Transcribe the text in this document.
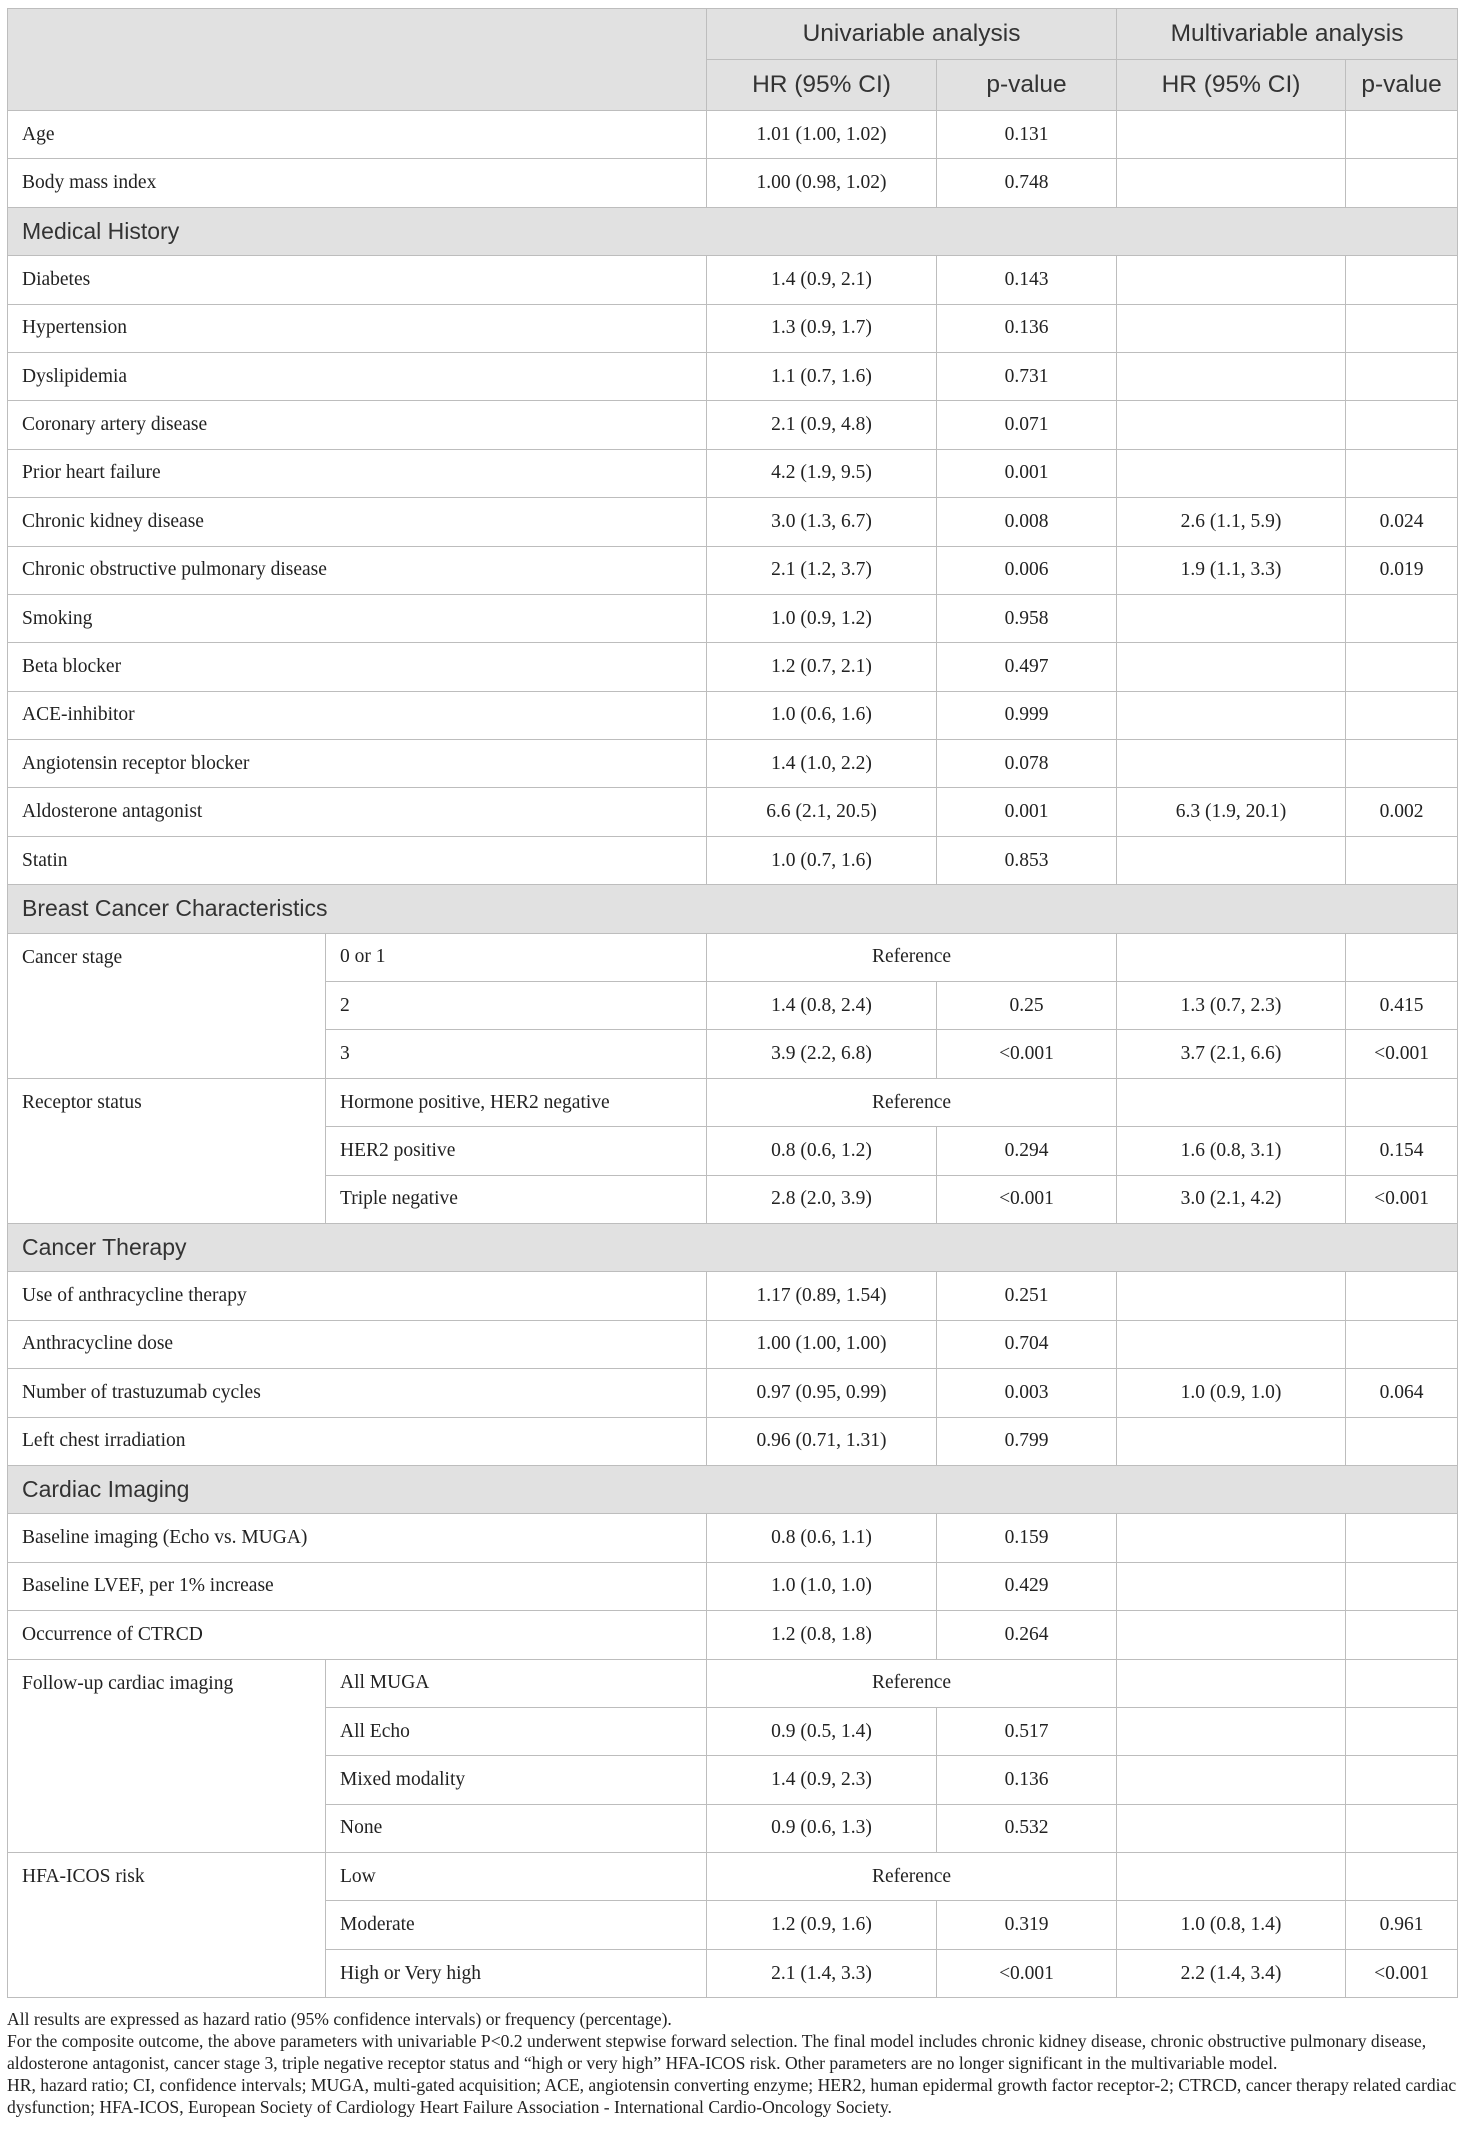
		Univariable analysis		Multivariable analysis	
		HR (95% CI)	p-value	HR (95% CI)	p-value
Age		1.01 (1.00, 1.02)	0.131		
Body mass index		1.00 (0.98, 1.02)	0.748		
Medical History					
Diabetes		1.4 (0.9, 2.1)	0.143		
Hypertension		1.3 (0.9, 1.7)	0.136		
Dyslipidemia		1.1 (0.7, 1.6)	0.731		
Coronary artery disease		2.1 (0.9, 4.8)	0.071		
Prior heart failure		4.2 (1.9, 9.5)	0.001		
Chronic kidney disease		3.0 (1.3, 6.7)	0.008	2.6 (1.1, 5.9)	0.024
Chronic obstructive pulmonary disease		2.1 (1.2, 3.7)	0.006	1.9 (1.1, 3.3)	0.019
Smoking		1.0 (0.9, 1.2)	0.958		
Beta blocker		1.2 (0.7, 2.1)	0.497		
ACE-inhibitor		1.0 (0.6, 1.6)	0.999		
Angiotensin receptor blocker		1.4 (1.0, 2.2)	0.078		
Aldosterone antagonist		6.6 (2.1, 20.5)	0.001	6.3 (1.9, 20.1)	0.002
Statin		1.0 (0.7, 1.6)	0.853		
Breast Cancer Characteristics					
Cancer stage	0 or 1	Reference			
	2	1.4 (0.8, 2.4)	0.25	1.3 (0.7, 2.3)	0.415
	3	3.9 (2.2, 6.8)	<0.001	3.7 (2.1, 6.6)	<0.001
Receptor status	Hormone positive, HER2 negative	Reference			
	HER2 positive	0.8 (0.6, 1.2)	0.294	1.6 (0.8, 3.1)	0.154
	Triple negative	2.8 (2.0, 3.9)	<0.001	3.0 (2.1, 4.2)	<0.001
Cancer Therapy					
Use of anthracycline therapy		1.17 (0.89, 1.54)	0.251		
Anthracycline dose		1.00 (1.00, 1.00)	0.704		
Number of trastuzumab cycles		0.97 (0.95, 0.99)	0.003	1.0 (0.9, 1.0)	0.064
Left chest irradiation		0.96 (0.71, 1.31)	0.799		
Cardiac Imaging					
Baseline imaging (Echo vs. MUGA)		0.8 (0.6, 1.1)	0.159		
Baseline LVEF, per 1% increase		1.0 (1.0, 1.0)	0.429		
Occurrence of CTRCD		1.2 (0.8, 1.8)	0.264		
Follow-up cardiac imaging	All MUGA	Reference			
	All Echo	0.9 (0.5, 1.4)	0.517		
	Mixed modality	1.4 (0.9, 2.3)	0.136		
	None	0.9 (0.6, 1.3)	0.532		
HFA-ICOS risk	Low	Reference			
	Moderate	1.2 (0.9, 1.6)	0.319	1.0 (0.8, 1.4)	0.961
	High or Very high	2.1 (1.4, 3.3)	<0.001	2.2 (1.4, 3.4)	<0.001
All results are expressed as hazard ratio (95% confidence intervals) or frequency (percentage).
For the composite outcome, the above parameters with univariable P<0.2 underwent stepwise forward selection. The final model includes chronic kidney disease, chronic obstructive pulmonary disease, aldosterone antagonist, cancer stage 3, triple negative receptor status and “high or very high” HFA-ICOS risk. Other parameters are no longer significant in the multivariable model.
HR, hazard ratio; CI, confidence intervals; MUGA, multi-gated acquisition; ACE, angiotensin converting enzyme; HER2, human epidermal growth factor receptor-2; CTRCD, cancer therapy related cardiac dysfunction; HFA-ICOS, European Society of Cardiology Heart Failure Association - International Cardio-Oncology Society.
